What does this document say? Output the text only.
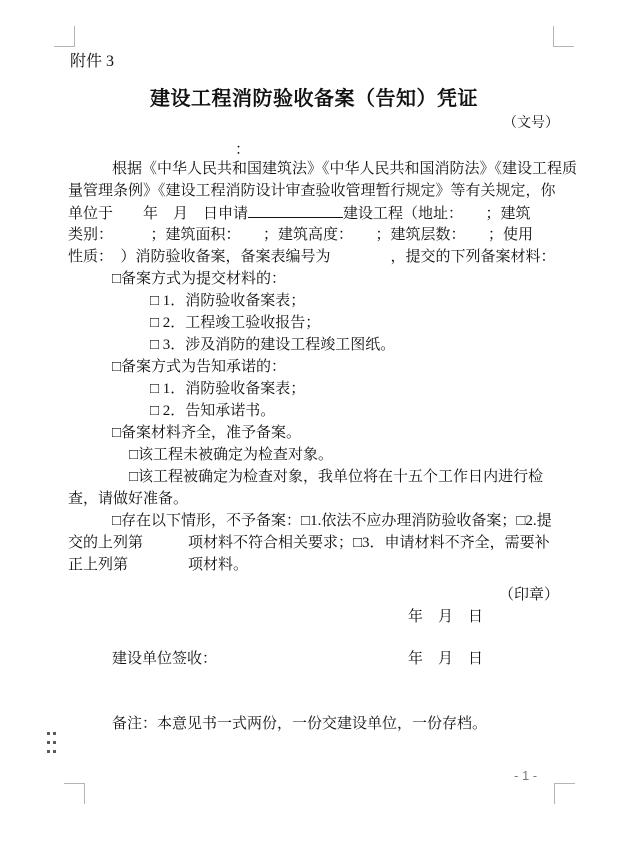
附件 3
建设工程消防验收备案（告知）凭证
（文号）
：
根据《中华人民共和国建筑法》《中华人民共和国消防法》《建设工程质
量管理条例》《建设工程消防设计审查验收管理暂行规定》等有关规定，你
单位于　　年　月　日申请	建设工程（地址：　　；建筑
类别：　　　；建筑面积：　　；建筑高度：　　；建筑层数：　　；使用
性质：　）消防验收备案，备案表编号为　　　　，提交的下列备案材料：
□备案方式为提交材料的：
□ 1．消防验收备案表；
□ 2．工程竣工验收报告；
□ 3．涉及消防的建设工程竣工图纸。
□备案方式为告知承诺的：
□ 1．消防验收备案表；
□ 2．告知承诺书。
□备案材料齐全，准予备案。
□该工程未被确定为检查对象。
□该工程被确定为检查对象，我单位将在十五个工作日内进行检
查，请做好准备。
□存在以下情形，不予备案：□1.依法不应办理消防验收备案；□2.提
交的上列第　　　项材料不符合相关要求；□3．申请材料不齐全，需要补
正上列第　　　　项材料。
（印章）
年　月　日
建设单位签收：	年　月　日
备注：本意见书一式两份，一份交建设单位，一份存档。
- 1 -
